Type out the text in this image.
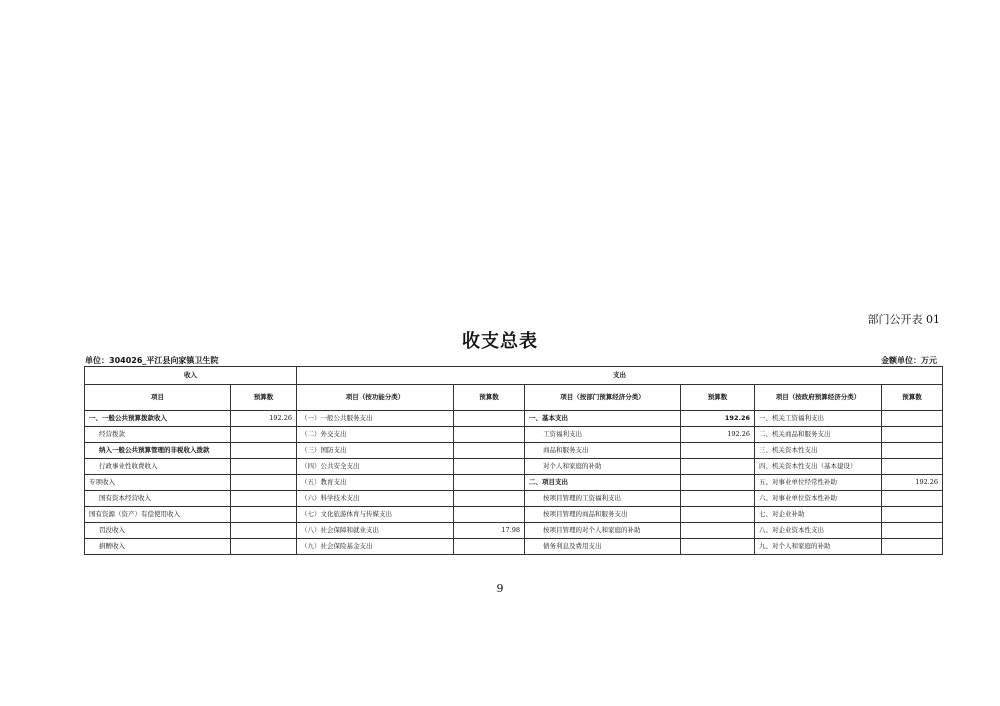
部门公开表 01
收支总表
单位：304026_平江县向家镇卫生院	金额单位：万元
收入		支出					
项目	预算数	项目（按功能分类）	预算数	项目（按部门预算经济分类）	预算数	项目（按政府预算经济分类）	预算数
一、一般公共预算拨款收入	192.26	（一）一般公共服务支出		一、基本支出	192.26	一、机关工资福利支出	
经营拨款		（二）外交支出		工资福利支出	192.26	二、机关商品和服务支出	
纳入一般公共预算管理的非税收入拨款		（三）国防支出		商品和服务支出		三、机关资本性支出	
行政事业性收费收入		（四）公共安全支出		对个人和家庭的补助		四、机关资本性支出（基本建设）	
专项收入		（五）教育支出		二、项目支出		五、对事业单位经常性补助	192.26
国有资本经营收入		（六）科学技术支出		按项目管理的工资福利支出		六、对事业单位资本性补助	
国有资源（资产）有偿使用收入		（七）文化旅游体育与传媒支出		按项目管理的商品和服务支出		七、对企业补助	
罚没收入		（八）社会保障和就业支出	17.98	按项目管理的对个人和家庭的补助		八、对企业资本性支出	
捐赠收入		（九）社会保险基金支出		债务利息及费用支出		九、对个人和家庭的补助	
9
